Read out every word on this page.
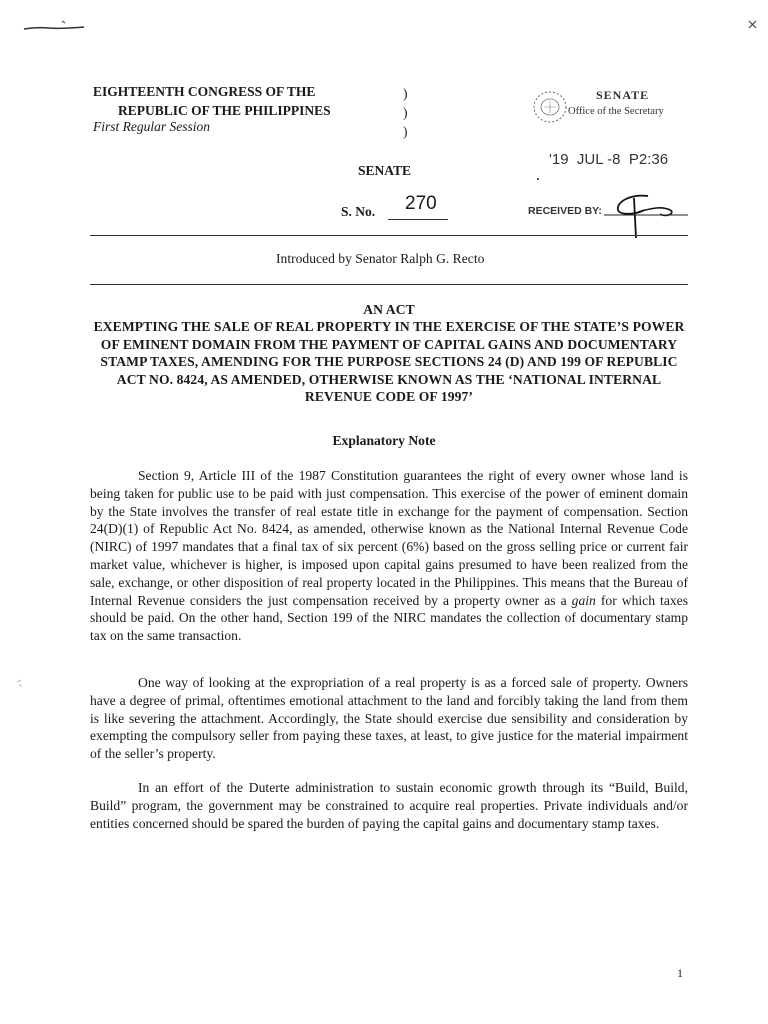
EIGHTEENTH CONGRESS OF THE
REPUBLIC OF THE PHILIPPINES
First Regular Session
)
)
)
SENATE
S. No. 270
SENATE
Office of the Secretary
'19  JUL -8  P2:36
RECEIVED BY:
Introduced by Senator Ralph G. Recto
AN ACT
EXEMPTING THE SALE OF REAL PROPERTY IN THE EXERCISE OF THE STATE’S POWER OF EMINENT DOMAIN FROM THE PAYMENT OF CAPITAL GAINS AND DOCUMENTARY STAMP TAXES, AMENDING FOR THE PURPOSE SECTIONS 24 (D) AND 199 OF REPUBLIC ACT NO. 8424, AS AMENDED, OTHERWISE KNOWN AS THE ‘NATIONAL INTERNAL REVENUE CODE OF 1997’
Explanatory Note

Section 9, Article III of the 1987 Constitution guarantees the right of every owner whose land is being taken for public use to be paid with just compensation. This exercise of the power of eminent domain by the State involves the transfer of real estate title in exchange for the payment of compensation. Section 24(D)(1) of Republic Act No. 8424, as amended, otherwise known as the National Internal Revenue Code (NIRC) of 1997 mandates that a final tax of six percent (6%) based on the gross selling price or current fair market value, whichever is higher, is imposed upon capital gains presumed to have been realized from the sale, exchange, or other disposition of real property located in the Philippines. This means that the Bureau of Internal Revenue considers the just compensation received by a property owner as a gain for which taxes should be paid. On the other hand, Section 199 of the NIRC mandates the collection of documentary stamp tax on the same transaction.

One way of looking at the expropriation of a real property is as a forced sale of property. Owners have a degree of primal, oftentimes emotional attachment to the land and forcibly taking the land from them is like severing the attachment. Accordingly, the State should exercise due sensibility and consideration by exempting the compulsory seller from paying these taxes, at least, to give justice for the material impairment of the seller’s property.

In an effort of the Duterte administration to sustain economic growth through its “Build, Build, Build” program, the government may be constrained to acquire real properties. Private individuals and/or entities concerned should be spared the burden of paying the capital gains and documentary stamp taxes.

1
